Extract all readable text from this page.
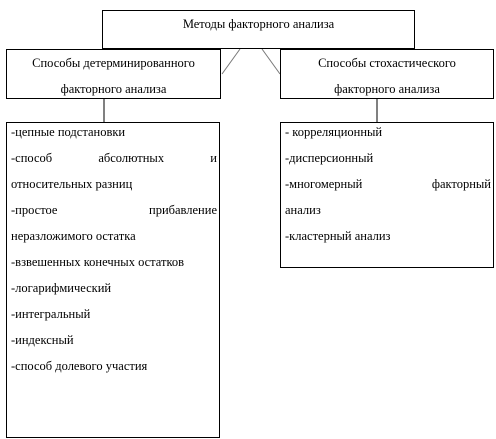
Методы факторного анализа
Способы детерминированного
факторного анализа
Способы стохастического
факторного анализа
-цепные подстановки
-способ	абсолютных	и
относительных разниц
-простое	прибавление
неразложимого остатка
-взвешенных конечных остатков
-логарифмический
-интегральный
-индексный
-способ долевого участия
- корреляционный
-дисперсионный
-многомерный	факторный
анализ
-кластерный анализ
